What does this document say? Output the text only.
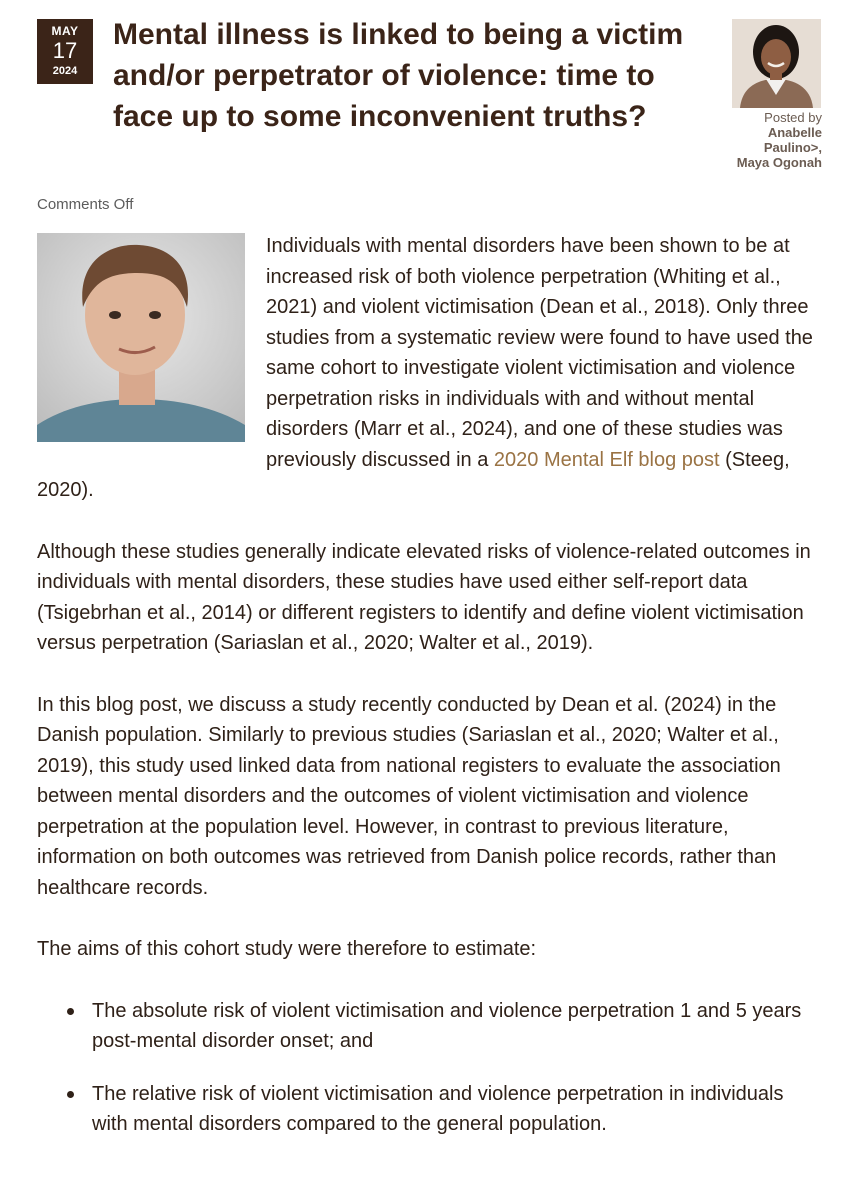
MAY
17
2024
Mental illness is linked to being a victim and/or perpetrator of violence: time to face up to some inconvenient truths?	Posted by
Anabelle Paulino>, Maya Ogonah
Comments Off

Individuals with mental disorders have been shown to be at increased risk of both violence perpetration (Whiting et al., 2021) and violent victimisation (Dean et al., 2018). Only three studies from a systematic review were found to have used the same cohort to investigate violent victimisation and violence perpetration risks in individuals with and without mental disorders (Marr et al., 2024), and one of these studies was previously discussed in a 2020 Mental Elf blog post (Steeg, 2020).

Although these studies generally indicate elevated risks of violence-related outcomes in individuals with mental disorders, these studies have used either self-report data (Tsigebrhan et al., 2014) or different registers to identify and define violent victimisation versus perpetration (Sariaslan et al., 2020; Walter et al., 2019).

In this blog post, we discuss a study recently conducted by Dean et al. (2024) in the Danish population. Similarly to previous studies (Sariaslan et al., 2020; Walter et al., 2019), this study used linked data from national registers to evaluate the association between mental disorders and the outcomes of violent victimisation and violence perpetration at the population level. However, in contrast to previous literature, information on both outcomes was retrieved from Danish police records, rather than healthcare records.

The aims of this cohort study were therefore to estimate:

The absolute risk of violent victimisation and violence perpetration 1 and 5 years post-mental disorder onset; and
The relative risk of violent victimisation and violence perpetration in individuals with mental disorders compared to the general population.
